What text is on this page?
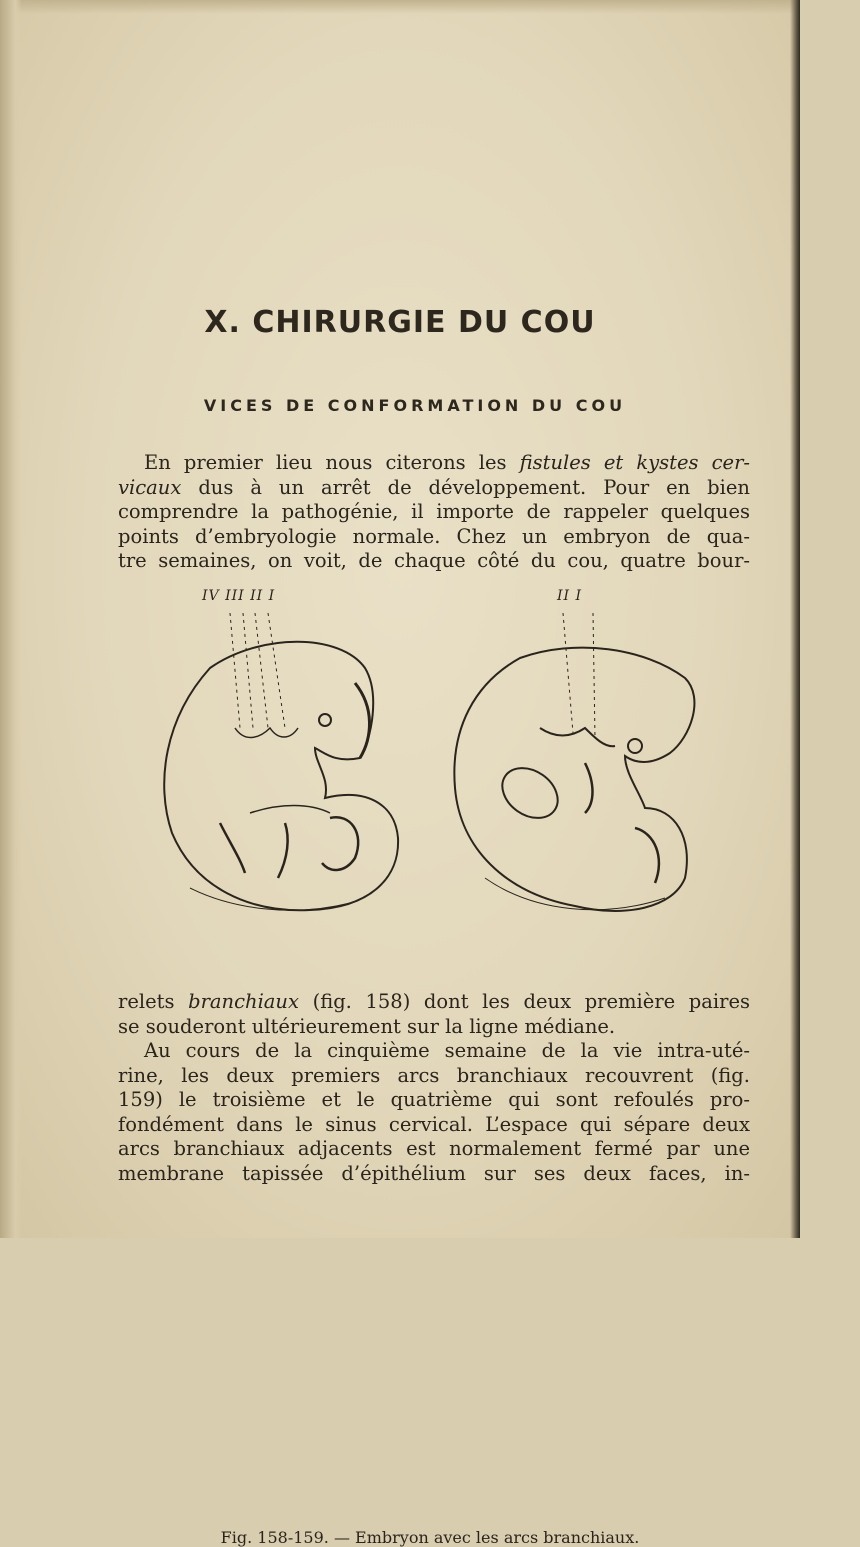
X. CHIRURGIE DU COU
VICES DE CONFORMATION DU COU
En premier lieu nous citerons les fistules et kystes cer-
vicaux dus à un arrêt de développement. Pour en bien
comprendre la pathogénie, il importe de rappeler quelques
points d’embryologie normale. Chez un embryon de qua-
tre semaines, on voit, de chaque côté du cou, quatre bour-
IV III II I	II I
Fig. 158-159. — Embryon avec les arcs branchiaux.
relets branchiaux (fig. 158) dont les deux première paires
se souderont ultérieurement sur la ligne médiane.
Au cours de la cinquième semaine de la vie intra-uté-
rine, les deux premiers arcs branchiaux recouvrent (fig.
159) le troisième et le quatrième qui sont refoulés pro-
fondément dans le sinus cervical. L’espace qui sépare deux
arcs branchiaux adjacents est normalement fermé par une
membrane tapissée d’épithélium sur ses deux faces, in-
